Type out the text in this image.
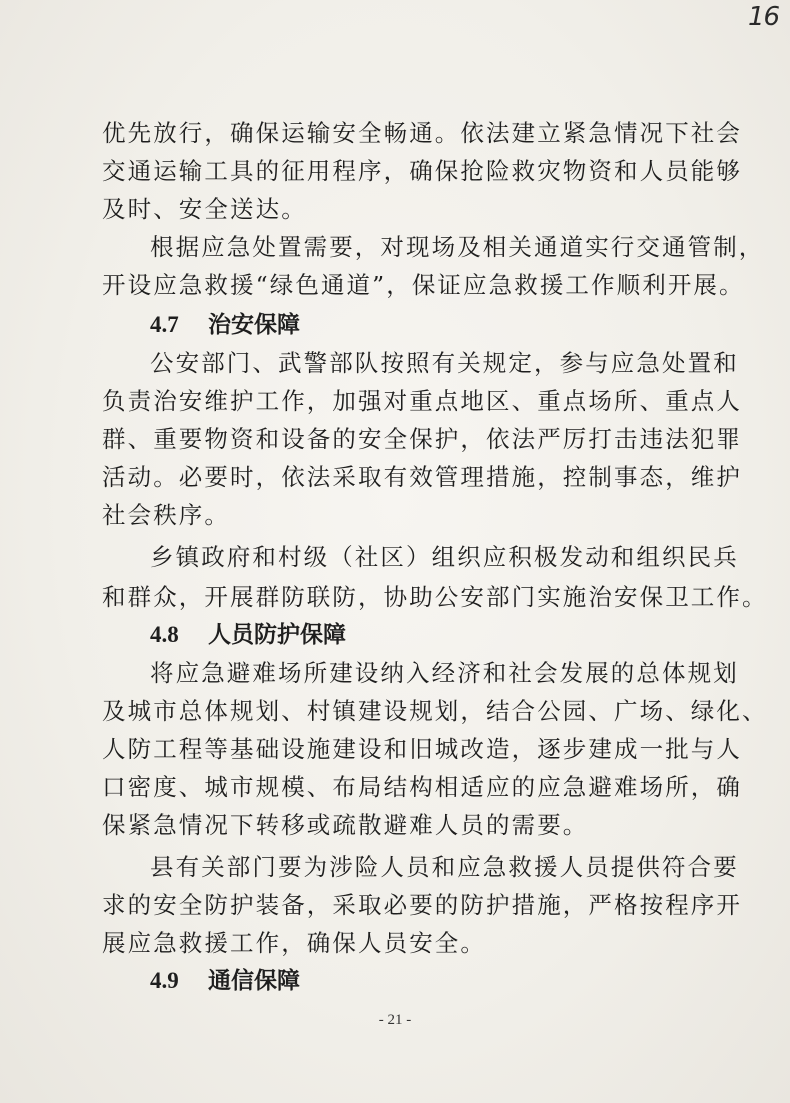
16
优先放行，确保运输安全畅通。依法建立紧急情况下社会
交通运输工具的征用程序，确保抢险救灾物资和人员能够
及时、安全送达。
根据应急处置需要，对现场及相关通道实行交通管制，
开设应急救援“绿色通道”，保证应急救援工作顺利开展。
4.7 治安保障
公安部门、武警部队按照有关规定，参与应急处置和
负责治安维护工作，加强对重点地区、重点场所、重点人
群、重要物资和设备的安全保护，依法严厉打击违法犯罪
活动。必要时，依法采取有效管理措施，控制事态，维护
社会秩序。
乡镇政府和村级（社区）组织应积极发动和组织民兵
和群众，开展群防联防，协助公安部门实施治安保卫工作。
4.8 人员防护保障
将应急避难场所建设纳入经济和社会发展的总体规划
及城市总体规划、村镇建设规划，结合公园、广场、绿化、
人防工程等基础设施建设和旧城改造，逐步建成一批与人
口密度、城市规模、布局结构相适应的应急避难场所，确
保紧急情况下转移或疏散避难人员的需要。
县有关部门要为涉险人员和应急救援人员提供符合要
求的安全防护装备，采取必要的防护措施，严格按程序开
展应急救援工作，确保人员安全。
4.9 通信保障
- 21 -
